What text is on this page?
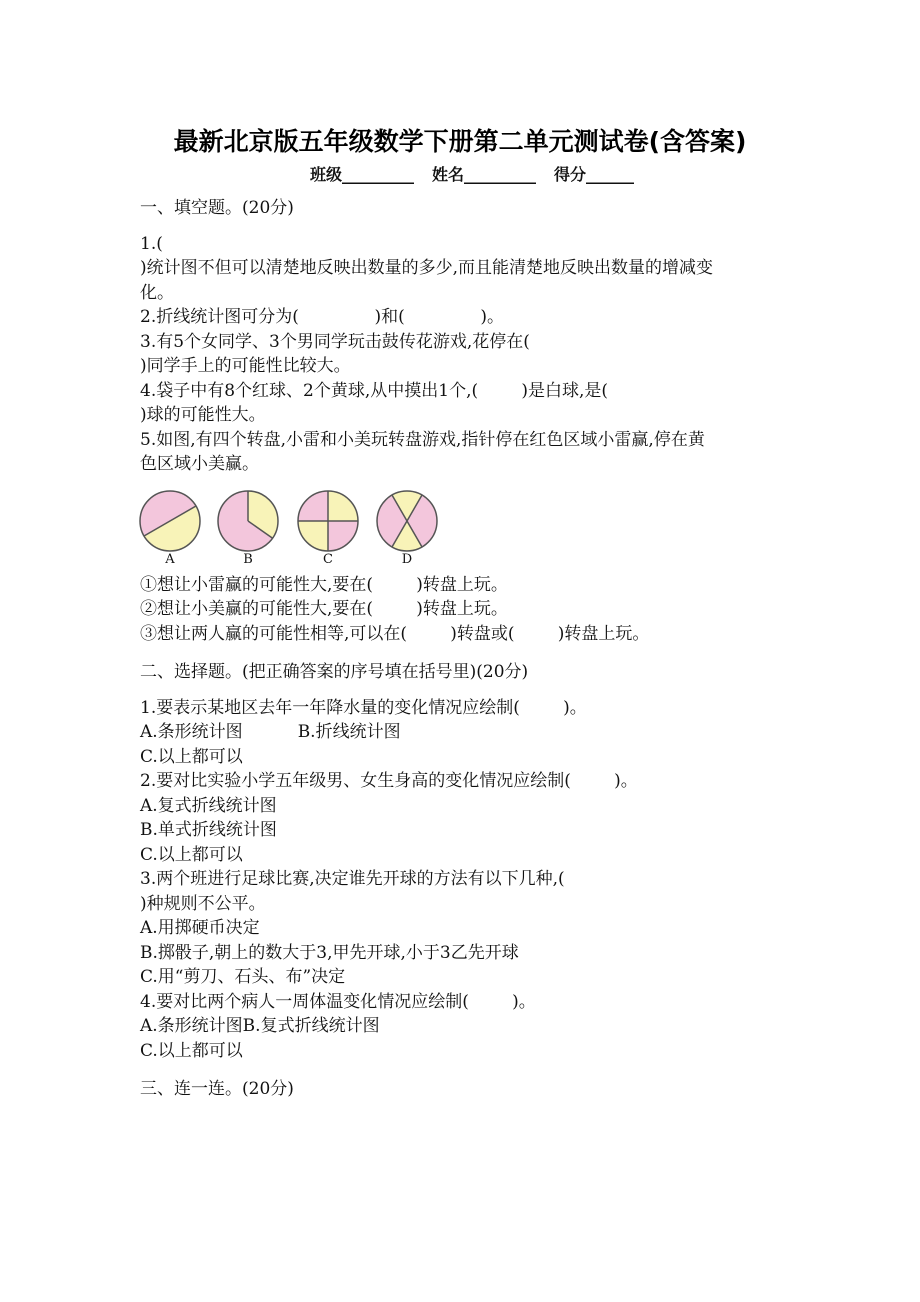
最新北京版五年级数学下册第二单元测试卷(含答案)
班级_________ 姓名_________ 得分______

一、填空题。(20分)

1.(

)统计图不但可以清楚地反映出数量的多少,而且能清楚地反映出数量的增减变

化。

2.折线统计图可分为(              )和(              )。

3.有5个女同学、3个男同学玩击鼓传花游戏,花停在(

)同学手上的可能性比较大。

4.袋子中有8个红球、2个黄球,从中摸出1个,(        )是白球,是(

)球的可能性大。

5.如图,有四个转盘,小雷和小美玩转盘游戏,指针停在红色区域小雷赢,停在黄

色区域小美赢。

A	B	C	D

①想让小雷赢的可能性大,要在(        )转盘上玩。

②想让小美赢的可能性大,要在(        )转盘上玩。

③想让两人赢的可能性相等,可以在(        )转盘或(        )转盘上玩。

二、选择题。(把正确答案的序号填在括号里)(20分)

1.要表示某地区去年一年降水量的变化情况应绘制(        )。

A.条形统计图	B.折线统计图

C.以上都可以

2.要对比实验小学五年级男、女生身高的变化情况应绘制(        )。

A.复式折线统计图

B.单式折线统计图

C.以上都可以

3.两个班进行足球比赛,决定谁先开球的方法有以下几种,(

)种规则不公平。

A.用掷硬币决定

B.掷骰子,朝上的数大于3,甲先开球,小于3乙先开球

C.用“剪刀、石头、布”决定

4.要对比两个病人一周体温变化情况应绘制(        )。

A.条形统计图B.复式折线统计图

C.以上都可以

三、连一连。(20分)
